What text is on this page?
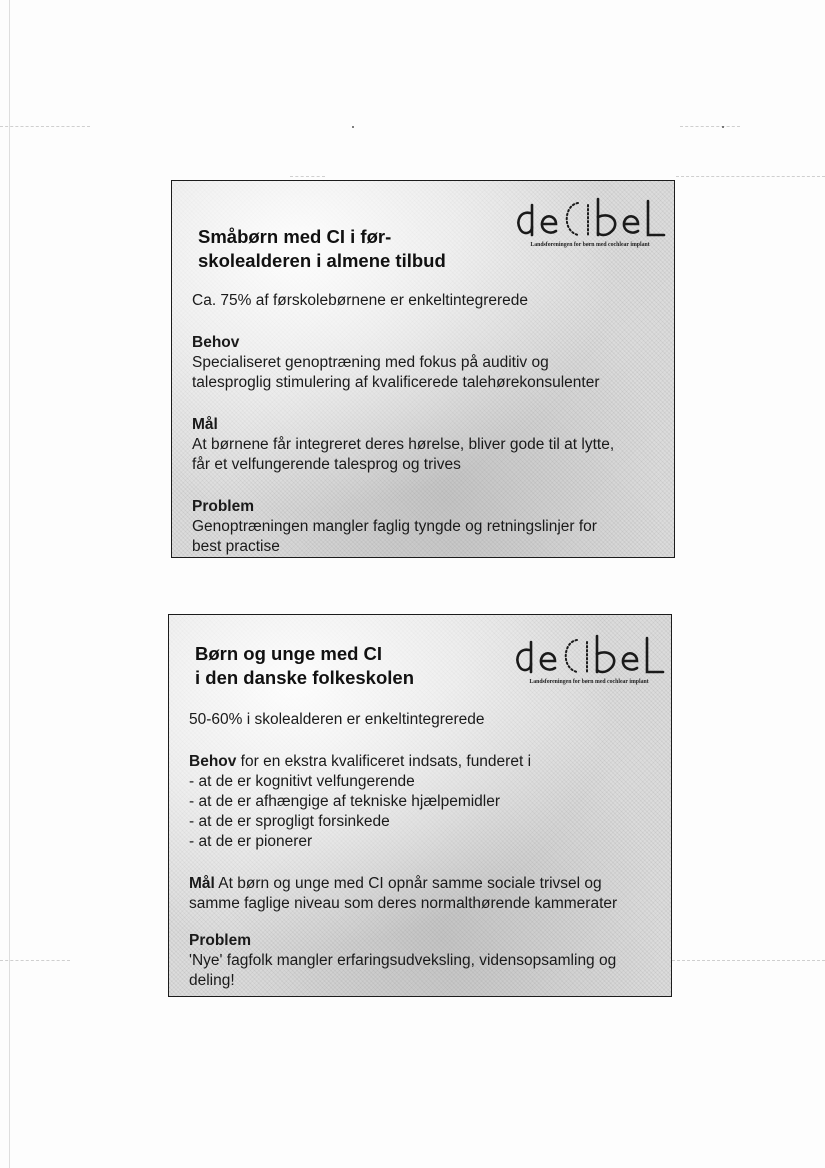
Småbørn med CI i før-
skolealderen i almene tilbud
Landsforeningen for børn med cochlear implant

Ca. 75% af førskolebørnene er enkeltintegrerede

Behov
Specialiseret genoptræning med fokus på auditiv og
talesproglig stimulering af kvalificerede talehørekonsulenter

Mål
At børnene får integreret deres hørelse, bliver gode til at lytte,
får et velfungerende talesprog og trives

Problem
Genoptræningen mangler faglig tyngde og retningslinjer for
best practise

Børn og unge med CI
i den danske folkeskolen	Landsforeningen for børn med cochlear implant

50-60% i skolealderen er enkeltintegrerede

Behov for en ekstra kvalificeret indsats, funderet i
- at de er kognitivt velfungerende
- at de er afhængige af tekniske hjælpemidler
- at de er sprogligt forsinkede
- at de er pionerer

Mål At børn og unge med CI opnår samme sociale trivsel og
samme faglige niveau som deres normalthørende kammerater

Problem
'Nye' fagfolk mangler erfaringsudveksling, vidensopsamling og
deling!
